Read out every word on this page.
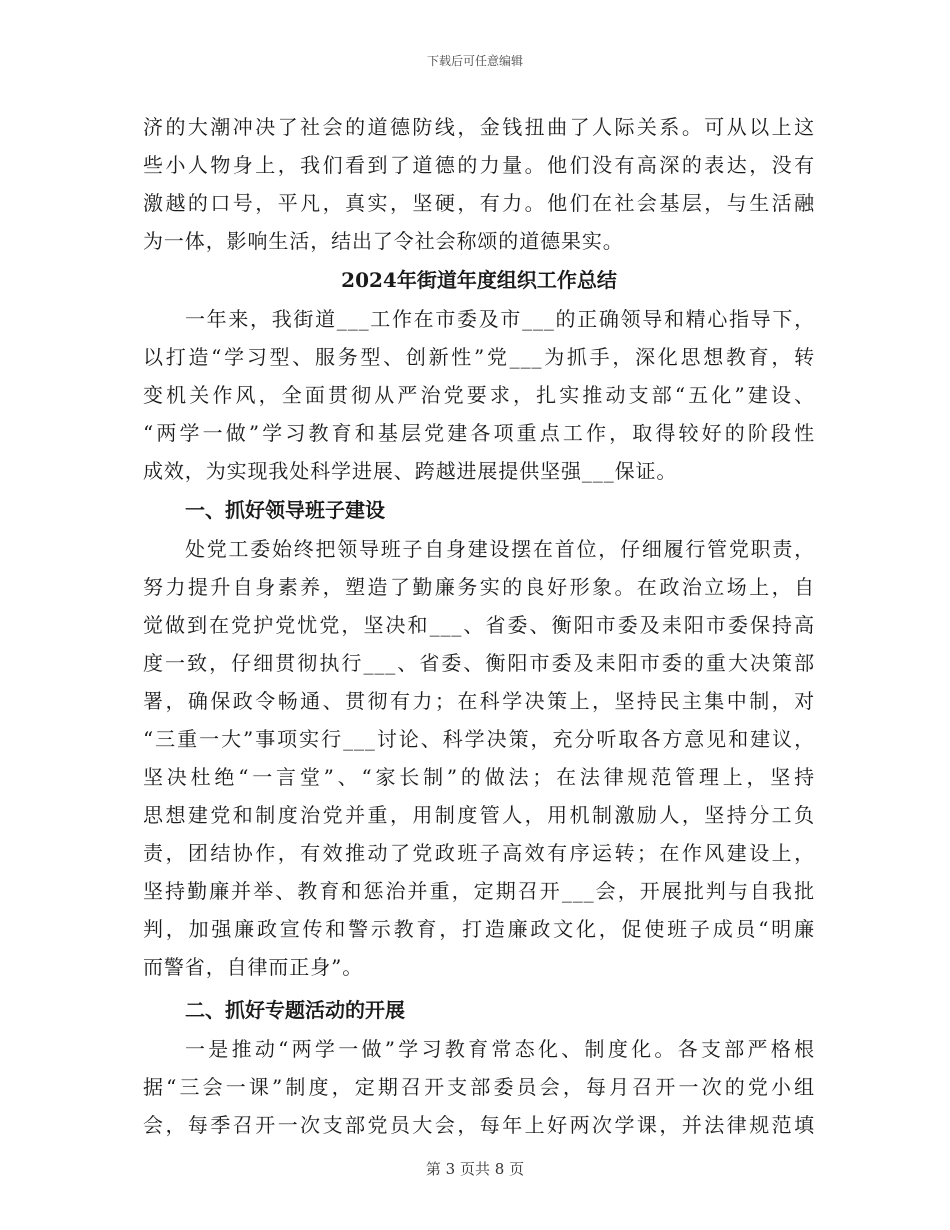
下载后可任意编辑
济的大潮冲决了社会的道德防线，金钱扭曲了人际关系。可从以上这
些小人物身上，我们看到了道德的力量。他们没有高深的表达，没有
激越的口号，平凡，真实，坚硬，有力。他们在社会基层，与生活融
为一体，影响生活，结出了令社会称颂的道德果实。
2024年街道年度组织工作总结
一年来，我街道___工作在市委及市___的正确领导和精心指导下，
以打造“学习型、服务型、创新性”党___为抓手，深化思想教育，转
变机关作风，全面贯彻从严治党要求，扎实推动支部“五化”建设、
“两学一做”学习教育和基层党建各项重点工作，取得较好的阶段性
成效，为实现我处科学进展、跨越进展提供坚强___保证。
一、抓好领导班子建设
处党工委始终把领导班子自身建设摆在首位，仔细履行管党职责，
努力提升自身素养，塑造了勤廉务实的良好形象。在政治立场上，自
觉做到在党护党忧党，坚决和___、省委、衡阳市委及耒阳市委保持高
度一致，仔细贯彻执行___、省委、衡阳市委及耒阳市委的重大决策部
署，确保政令畅通、贯彻有力；在科学决策上，坚持民主集中制，对
“三重一大”事项实行___讨论、科学决策，充分听取各方意见和建议，
坚决杜绝“一言堂”、“家长制”的做法；在法律规范管理上，坚持
思想建党和制度治党并重，用制度管人，用机制激励人，坚持分工负
责，团结协作，有效推动了党政班子高效有序运转；在作风建设上，
坚持勤廉并举、教育和惩治并重，定期召开___会，开展批判与自我批
判，加强廉政宣传和警示教育，打造廉政文化，促使班子成员“明廉
而警省，自律而正身”。
二、抓好专题活动的开展
一是推动“两学一做”学习教育常态化、制度化。各支部严格根
据“三会一课”制度，定期召开支部委员会，每月召开一次的党小组
会，每季召开一次支部党员大会，每年上好两次学课，并法律规范填
第 3 页共 8 页
